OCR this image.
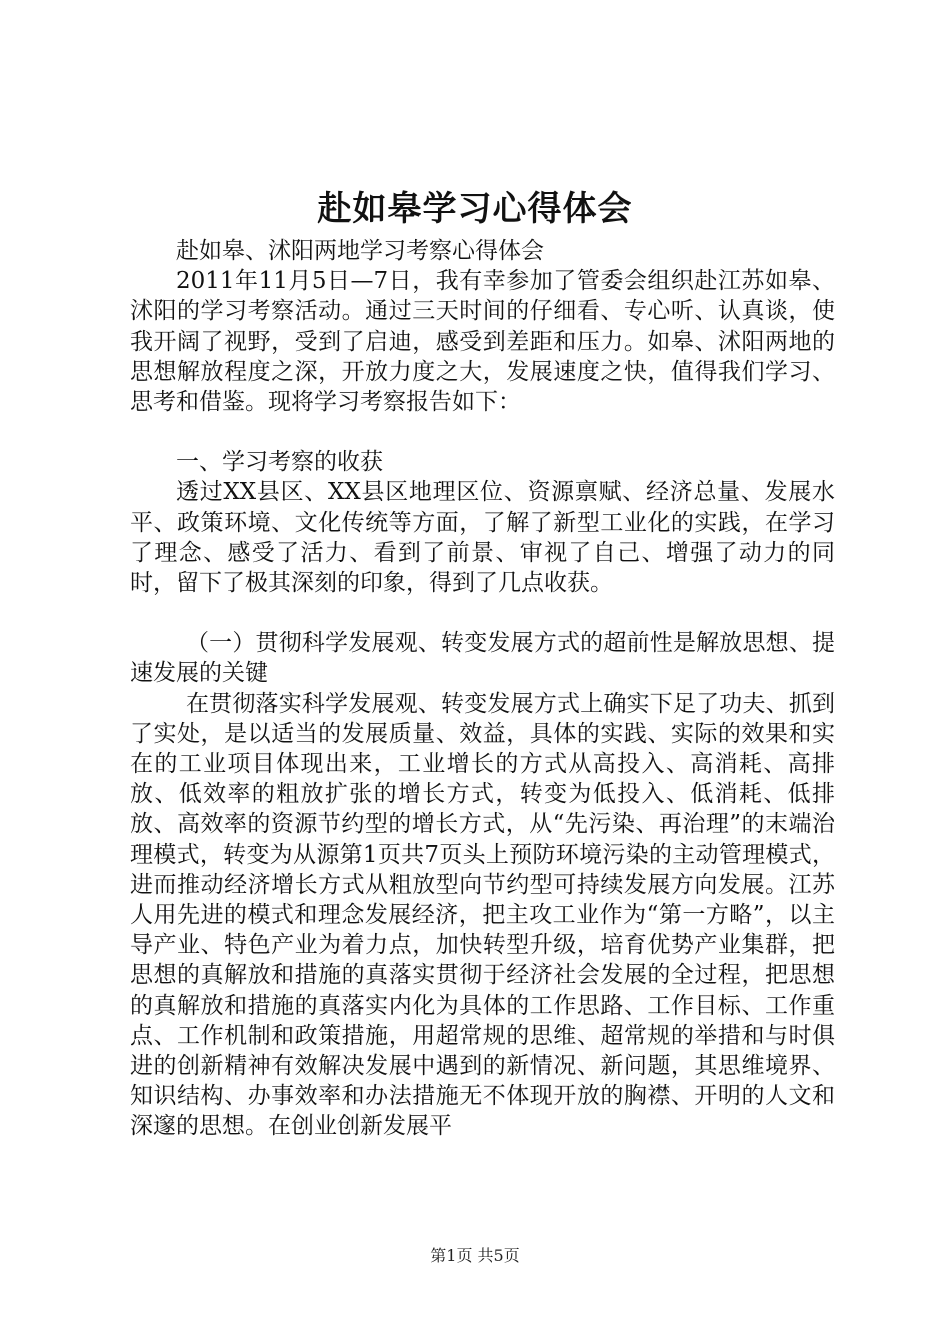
赴如皋学习心得体会

赴如皋、沭阳两地学习考察心得体会

2011年11月5日—7日，我有幸参加了管委会组织赴江苏如皋、沭阳的学习考察活动。通过三天时间的仔细看、专心听、认真谈，使我开阔了视野，受到了启迪，感受到差距和压力。如皋、沭阳两地的思想解放程度之深，开放力度之大，发展速度之快，值得我们学习、思考和借鉴。现将学习考察报告如下：

一、学习考察的收获

透过XX县区、XX县区地理区位、资源禀赋、经济总量、发展水平、政策环境、文化传统等方面，了解了新型工业化的实践，在学习了理念、感受了活力、看到了前景、审视了自己、增强了动力的同时，留下了极其深刻的印象，得到了几点收获。

（一）贯彻科学发展观、转变发展方式的超前性是解放思想、提速发展的关键

在贯彻落实科学发展观、转变发展方式上确实下足了功夫、抓到了实处，是以适当的发展质量、效益，具体的实践、实际的效果和实在的工业项目体现出来，工业增长的方式从高投入、高消耗、高排放、低效率的粗放扩张的增长方式，转变为低投入、低消耗、低排放、高效率的资源节约型的增长方式，从“先污染、再治理”的末端治理模式，转变为从源第1页共7页头上预防环境污染的主动管理模式，进而推动经济增长方式从粗放型向节约型可持续发展方向发展。江苏人用先进的模式和理念发展经济，把主攻工业作为“第一方略”，以主导产业、特色产业为着力点，加快转型升级，培育优势产业集群，把思想的真解放和措施的真落实贯彻于经济社会发展的全过程，把思想的真解放和措施的真落实内化为具体的工作思路、工作目标、工作重点、工作机制和政策措施，用超常规的思维、超常规的举措和与时俱进的创新精神有效解决发展中遇到的新情况、新问题，其思维境界、知识结构、办事效率和办法措施无不体现开放的胸襟、开明的人文和深邃的思想。在创业创新发展平

第1页 共5页
